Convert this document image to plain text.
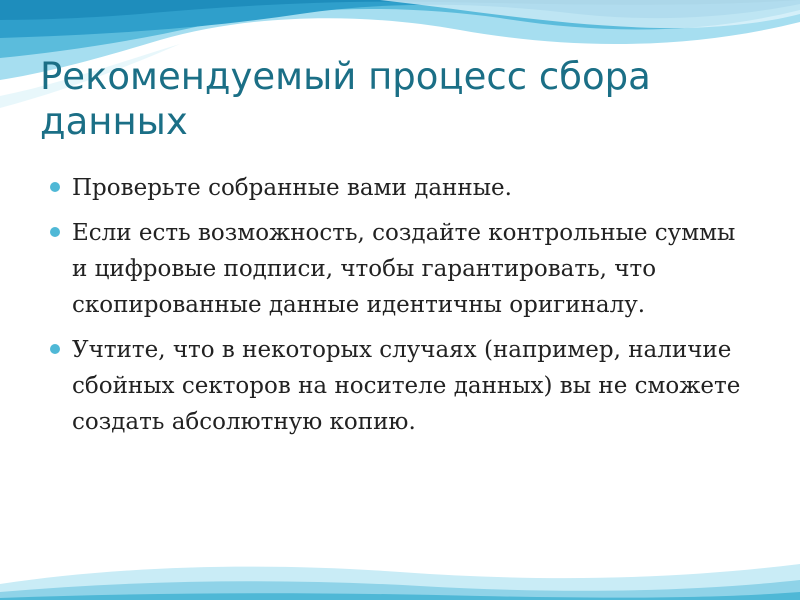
Рекомендуемый процесс сбора данных
Проверьте собранные вами данные.
Если есть возможность, создайте контрольные суммы и цифровые подписи, чтобы гарантировать, что скопированные данные идентичны оригиналу.
Учтите, что в некоторых случаях (например, наличие сбойных секторов на носителе данных) вы не сможете создать абсолютную копию.
